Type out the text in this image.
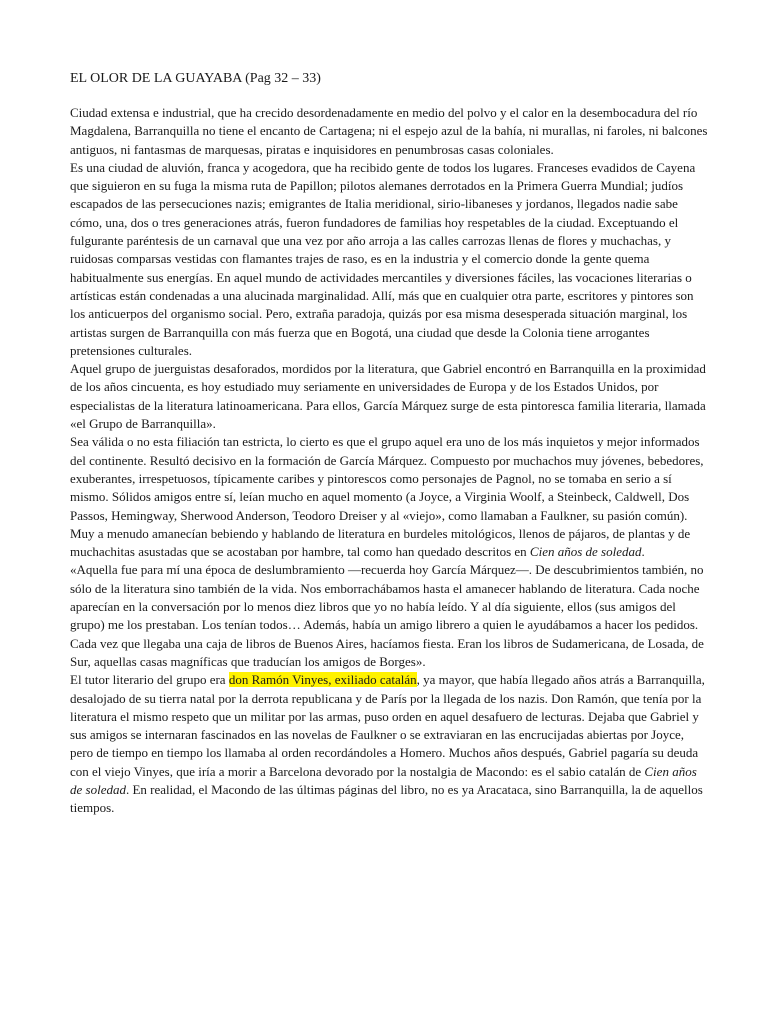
EL OLOR DE LA GUAYABA (Pag 32 – 33)

Ciudad extensa e industrial, que ha crecido desordenadamente en medio del polvo y el calor en la desembocadura del río Magdalena, Barranquilla no tiene el encanto de Cartagena; ni el espejo azul de la bahía, ni murallas, ni faroles, ni balcones antiguos, ni fantasmas de marquesas, piratas e inquisidores en penumbrosas casas coloniales.

Es una ciudad de aluvión, franca y acogedora, que ha recibido gente de todos los lugares. Franceses evadidos de Cayena que siguieron en su fuga la misma ruta de Papillon; pilotos alemanes derrotados en la Primera Guerra Mundial; judíos escapados de las persecuciones nazis; emigrantes de Italia meridional, sirio-libaneses y jordanos, llegados nadie sabe cómo, una, dos o tres generaciones atrás, fueron fundadores de familias hoy respetables de la ciudad. Exceptuando el fulgurante paréntesis de un carnaval que una vez por año arroja a las calles carrozas llenas de flores y muchachas, y ruidosas comparsas vestidas con flamantes trajes de raso, es en la industria y el comercio donde la gente quema habitualmente sus energías. En aquel mundo de actividades mercantiles y diversiones fáciles, las vocaciones literarias o artísticas están condenadas a una alucinada marginalidad. Allí, más que en cualquier otra parte, escritores y pintores son los anticuerpos del organismo social. Pero, extraña paradoja, quizás por esa misma desesperada situación marginal, los artistas surgen de Barranquilla con más fuerza que en Bogotá, una ciudad que desde la Colonia tiene arrogantes pretensiones culturales.

Aquel grupo de juerguistas desaforados, mordidos por la literatura, que Gabriel encontró en Barranquilla en la proximidad de los años cincuenta, es hoy estudiado muy seriamente en universidades de Europa y de los Estados Unidos, por especialistas de la literatura latinoamericana. Para ellos, García Márquez surge de esta pintoresca familia literaria, llamada «el Grupo de Barranquilla».

Sea válida o no esta filiación tan estricta, lo cierto es que el grupo aquel era uno de los más inquietos y mejor informados del continente. Resultó decisivo en la formación de García Márquez. Compuesto por muchachos muy jóvenes, bebedores, exuberantes, irrespetuosos, típicamente caribes y pintorescos como personajes de Pagnol, no se tomaba en serio a sí mismo. Sólidos amigos entre sí, leían mucho en aquel momento (a Joyce, a Virginia Woolf, a Steinbeck, Caldwell, Dos Passos, Hemingway, Sherwood Anderson, Teodoro Dreiser y al «viejo», como llamaban a Faulkner, su pasión común). Muy a menudo amanecían bebiendo y hablando de literatura en burdeles mitológicos, llenos de pájaros, de plantas y de muchachitas asustadas que se acostaban por hambre, tal como han quedado descritos en Cien años de soledad.

«Aquella fue para mí una época de deslumbramiento —recuerda hoy García Márquez—. De descubrimientos también, no sólo de la literatura sino también de la vida. Nos emborrachábamos hasta el amanecer hablando de literatura. Cada noche aparecían en la conversación por lo menos diez libros que yo no había leído. Y al día siguiente, ellos (sus amigos del grupo) me los prestaban. Los tenían todos… Además, había un amigo librero a quien le ayudábamos a hacer los pedidos. Cada vez que llegaba una caja de libros de Buenos Aires, hacíamos fiesta. Eran los libros de Sudamericana, de Losada, de Sur, aquellas casas magníficas que traducían los amigos de Borges».

El tutor literario del grupo era don Ramón Vinyes, exiliado catalán, ya mayor, que había llegado años atrás a Barranquilla, desalojado de su tierra natal por la derrota republicana y de París por la llegada de los nazis. Don Ramón, que tenía por la literatura el mismo respeto que un militar por las armas, puso orden en aquel desafuero de lecturas. Dejaba que Gabriel y sus amigos se internaran fascinados en las novelas de Faulkner o se extraviaran en las encrucijadas abiertas por Joyce, pero de tiempo en tiempo los llamaba al orden recordándoles a Homero. Muchos años después, Gabriel pagaría su deuda con el viejo Vinyes, que iría a morir a Barcelona devorado por la nostalgia de Macondo: es el sabio catalán de Cien años de soledad. En realidad, el Macondo de las últimas páginas del libro, no es ya Aracataca, sino Barranquilla, la de aquellos tiempos.
